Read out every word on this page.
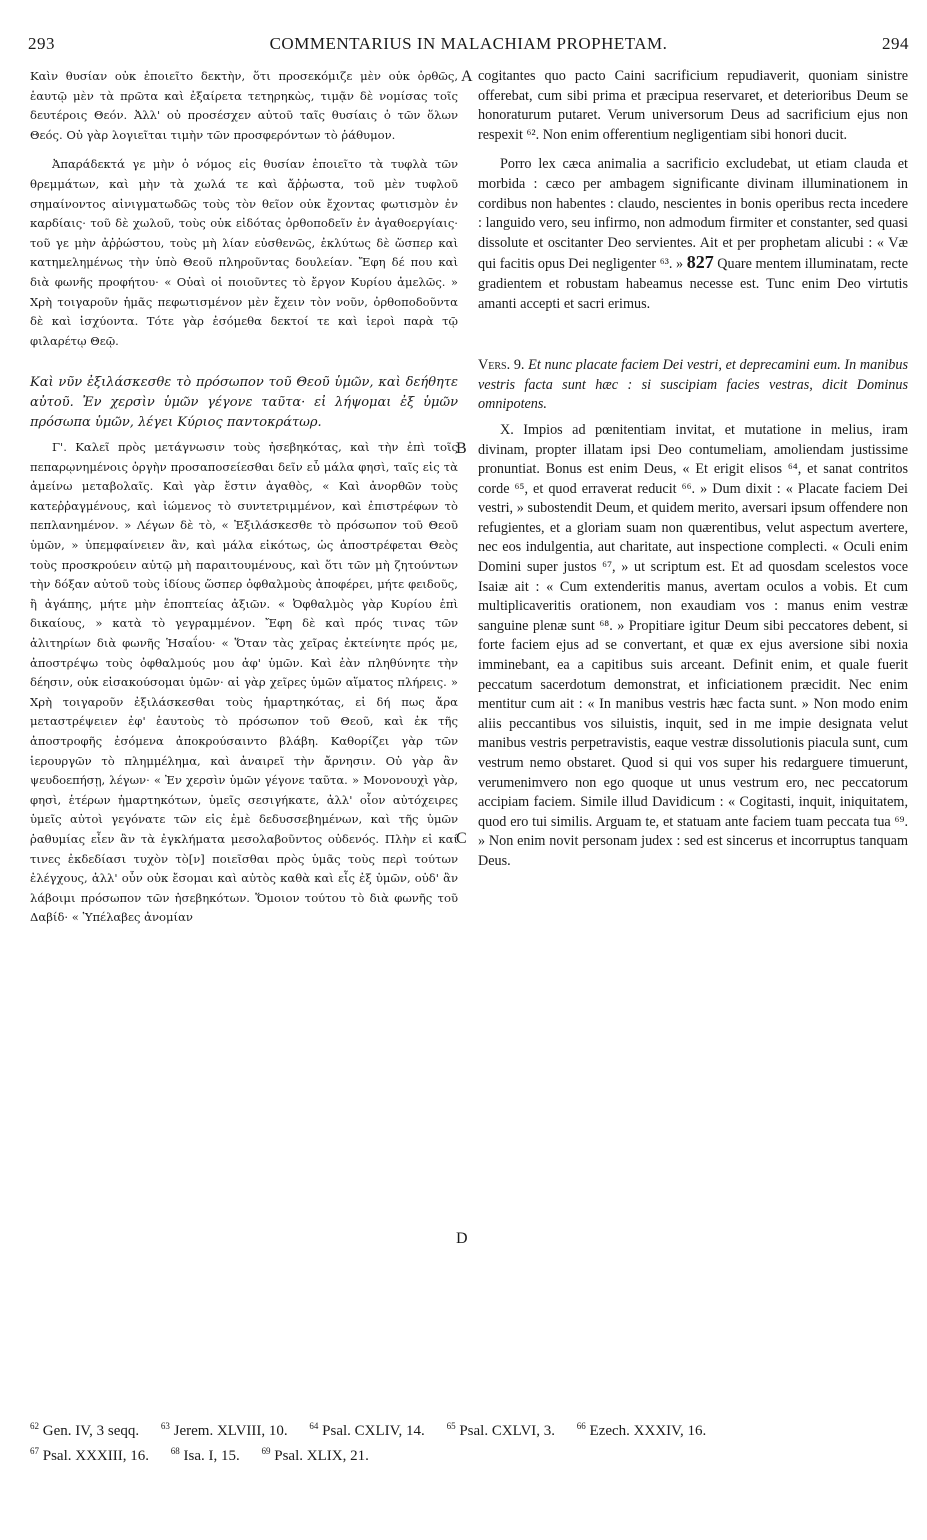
293	COMMENTARIUS IN MALACHIAM PROPHETAM.	294

Καὶν θυσίαν οὐκ ἐποιεῖτο δεκτὴν, ὅτι προσεκόμιζε μὲν οὐκ ὀρθῶς, ἑαυτῷ μὲν τὰ πρῶτα καὶ ἐξαίρετα τετηρηκὼς, τιμᾷν δὲ νομίσας τοῖς δευτέροις Θεόν. Ἀλλ' οὐ προσέσχεν αὐτοῦ ταῖς θυσίαις ὁ τῶν ὅλων Θεός. Οὐ γὰρ λογιεῖται τιμὴν τῶν προσφερόντων τὸ ῥάθυμον.

Ἀπαράδεκτά γε μὴν ὁ νόμος εἰς θυσίαν ἐποιεῖτο τὰ τυφλὰ τῶν θρεμμάτων, καὶ μὴν τὰ χωλά τε καὶ ἄῤῥωστα, τοῦ μὲν τυφλοῦ σημαίνοντος αἰνιγματωδῶς τοὺς τὸν θεῖον οὐκ ἔχοντας φωτισμὸν ἐν καρδίαις· τοῦ δὲ χωλοῦ, τοὺς οὐκ εἰδότας ὀρθοποδεῖν ἐν ἀγαθοεργίαις· τοῦ γε μὴν ἀῤῥώστου, τοὺς μὴ λίαν εὐσθενῶς, ἐκλύτως δὲ ὥσπερ καὶ κατημελημένως τὴν ὑπὸ Θεοῦ πληροῦντας δουλείαν. Ἔφη δέ που καὶ διὰ φωνῆς προφήτου· « Οὐαὶ οἱ ποιοῦντες τὸ ἔργον Κυρίου ἀμελῶς. » Χρὴ τοιγαροῦν ἡμᾶς πεφωτισμένον μὲν ἔχειν τὸν νοῦν, ὀρθοποδοῦντα δὲ καὶ ἰσχύοντα. Τότε γὰρ ἐσόμεθα δεκτοί τε καὶ ἱεροὶ παρὰ τῷ φιλαρέτῳ Θεῷ.

Καὶ νῦν ἐξιλάσκεσθε τὸ πρόσωπον τοῦ Θεοῦ ὑμῶν, καὶ δεήθητε αὐτοῦ. Ἐν χερσὶν ὑμῶν γέγονε ταῦτα· εἰ λήψομαι ἐξ ὑμῶν πρόσωπα ὑμῶν, λέγει Κύριος παντοκράτωρ.

Γ'. Καλεῖ πρὸς μετάγνωσιν τοὺς ἠσεβηκότας, καὶ τὴν ἐπὶ τοῖς πεπαρῳνημένοις ὀργὴν προσαποσείεσθαι δεῖν εὖ μάλα φησὶ, ταῖς εἰς τὰ ἀμείνω μεταβολαῖς. Καὶ γὰρ ἔστιν ἀγαθὸς, « Καὶ ἀνορθῶν τοὺς κατεῤῥαγμένους, καὶ ἰώμενος τὸ συντετριμμένον, καὶ ἐπιστρέφων τὸ πεπλανημένον. » Λέγων δὲ τὸ, « Ἐξιλάσκεσθε τὸ πρόσωπον τοῦ Θεοῦ ὑμῶν, » ὑπεμφαίνειεν ἂν, καὶ μάλα εἰκότως, ὡς ἀποστρέφεται Θεὸς τοὺς προσκρούειν αὐτῷ μὴ παραιτουμένους, καὶ ὅτι τῶν μὴ ζητούντων τὴν δόξαν αὐτοῦ τοὺς ἰδίους ὥσπερ ὀφθαλμοὺς ἀποφέρει, μήτε φειδοῦς, ἢ ἀγάπης, μήτε μὴν ἐποπτείας ἀξιῶν. « Ὀφθαλμὸς γὰρ Κυρίου ἐπὶ δικαίους, » κατὰ τὸ γεγραμμένον. Ἔφη δὲ καὶ πρός τινας τῶν ἀλιτηρίων διὰ φωνῆς Ἡσαΐου· « Ὅταν τὰς χεῖρας ἐκτείνητε πρός με, ἀποστρέψω τοὺς ὀφθαλμούς μου ἀφ' ὑμῶν. Καὶ ἐὰν πληθύνητε τὴν δέησιν, οὐκ εἰσακούσομαι ὑμῶν· αἱ γὰρ χεῖρες ὑμῶν αἵματος πλήρεις. » Χρὴ τοιγαροῦν ἐξιλάσκεσθαι τοὺς ἡμαρτηκότας, εἰ δή πως ἄρα μεταστρέψειεν ἐφ' ἑαυτοὺς τὸ πρόσωπον τοῦ Θεοῦ, καὶ ἐκ τῆς ἀποστροφῆς ἐσόμενα ἀποκρούσαιντο βλάβη. Καθορίζει γὰρ τῶν ἱερουργῶν τὸ πλημμέλημα, καὶ ἀναιρεῖ τὴν ἄρνησιν. Οὐ γὰρ ἂν ψευδοεπήσῃ, λέγων· « Ἐν χερσὶν ὑμῶν γέγονε ταῦτα. » Μονονουχὶ γὰρ, φησὶ, ἑτέρων ἡμαρτηκότων, ὑμεῖς σεσιγήκατε, ἀλλ' οἷον αὐτόχειρες ὑμεῖς αὐτοὶ γεγόνατε τῶν εἰς ἐμὲ δεδυσσεβημένων, καὶ τῆς ὑμῶν ῥαθυμίας εἶεν ἂν τὰ ἐγκλήματα μεσολαβοῦντος οὐδενός. Πλὴν εἰ καί τινες ἐκδεδίασι τυχὸν τὸ[ν] ποιεῖσθαι πρὸς ὑμᾶς τοὺς περὶ τούτων ἐλέγχους, ἀλλ' οὖν οὐκ ἔσομαι καὶ αὐτὸς καθὰ καὶ εἷς ἐξ ὑμῶν, οὐδ' ἂν λάβοιμι πρόσωπον τῶν ἠσεβηκότων. Ὅμοιον τούτου τὸ διὰ φωνῆς τοῦ Δαβίδ· « Ὑπέλαβες ἀνομίαν

cogitantes quo pacto Caini sacrificium repudiaverit, quoniam sinistre offerebat, cum sibi prima et præcipua reservaret, et deterioribus Deum se honoraturum putaret. Verum universorum Deus ad sacrificium ejus non respexit ⁶². Non enim offerentium negligentiam sibi honori ducit.

Porro lex cæca animalia a sacrificio excludebat, ut etiam clauda et morbida : cæco per ambagem significante divinam illuminationem in cordibus non habentes : claudo, nescientes in bonis operibus recta incedere : languido vero, seu infirmo, non admodum firmiter et constanter, sed quasi dissolute et oscitanter Deo servientes. Ait et per prophetam alicubi : « Væ qui facitis opus Dei negligenter ⁶³. » 827 Quare mentem illuminatam, recte gradientem et robustam habeamus necesse est. Tunc enim Deo virtutis amanti accepti et sacri erimus.

Vers. 9. Et nunc placate faciem Dei vestri, et deprecamini eum. In manibus vestris facta sunt hæc : si suscipiam facies vestras, dicit Dominus omnipotens.

X. Impios ad pœnitentiam invitat, et mutatione in melius, iram divinam, propter illatam ipsi Deo contumeliam, amoliendam justissime pronuntiat. Bonus est enim Deus, « Et erigit elisos ⁶⁴, et sanat contritos corde ⁶⁵, et quod erraverat reducit ⁶⁶. » Dum dixit : « Placate faciem Dei vestri, » subostendit Deum, et quidem merito, aversari ipsum offendere non refugientes, et a gloriam suam non quærentibus, velut aspectum avertere, nec eos indulgentia, aut charitate, aut inspectione complecti. « Oculi enim Domini super justos ⁶⁷, » ut scriptum est. Et ad quosdam scelestos voce Isaiæ ait : « Cum extenderitis manus, avertam oculos a vobis. Et cum multiplicaveritis orationem, non exaudiam vos : manus enim vestræ sanguine plenæ sunt ⁶⁸. » Propitiare igitur Deum sibi peccatores debent, si forte faciem ejus ad se convertant, et quæ ex ejus aversione sibi noxia imminebant, ea a capitibus suis arceant. Definit enim, et quale fuerit peccatum sacerdotum demonstrat, et inficiationem præcidit. Nec enim mentitur cum ait : « In manibus vestris hæc facta sunt. » Non modo enim aliis peccantibus vos siluistis, inquit, sed in me impie designata velut manibus vestris perpetravistis, eaque vestræ dissolutionis piacula sunt, cum vestrum nemo obstaret. Quod si qui vos super his redarguere timuerunt, verumenimvero non ego quoque ut unus vestrum ero, nec peccatorum accipiam faciem. Simile illud Davidicum : « Cogitasti, inquit, iniquitatem, quod ero tui similis. Arguam te, et statuam ante faciem tuam peccata tua ⁶⁹. » Non enim novit personam judex : sed est sincerus et incorruptus tanquam Deus.

A
B
C
D
$^{62}$ Gen. IV, 3 seqq. $^{63}$ Jerem. XLVIII, 10. $^{64}$ Psal. CXLIV, 14. $^{65}$ Psal. CXLVI, 3. $^{66}$ Ezech. XXXIV, 16.
$^{67}$ Psal. XXXIII, 16. $^{68}$ Isa. I, 15. $^{69}$ Psal. XLIX, 21.
